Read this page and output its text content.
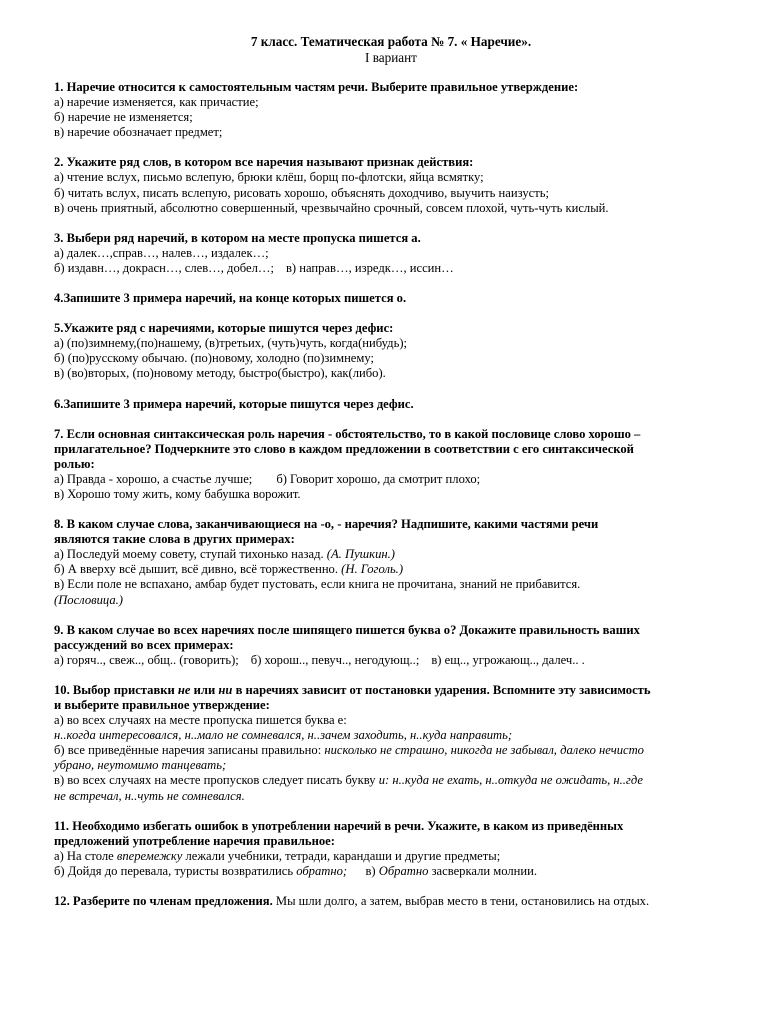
7 класс. Тематическая работа № 7. « Наречие».
I вариант
1. Наречие относится к самостоятельным частям речи. Выберите правильное утверждение:
а) наречие изменяется, как причастие;
б) наречие не изменяется;
в) наречие обозначает предмет;
2. Укажите ряд слов, в котором все наречия называют признак действия:
а) чтение вслух, письмо вслепую, брюки клёш, борщ по-флотски, яйца всмятку;
б) читать вслух, писать вслепую, рисовать хорошо, объяснять доходчиво, выучить наизусть;
в) очень приятный, абсолютно совершенный, чрезвычайно срочный, совсем плохой, чуть-чуть кислый.
3. Выбери ряд наречий, в котором на месте пропуска пишется а.
а) далек…,справ…, налев…, издалек…;
б) издавн…, докрасн…, слев…, добел…; в) направ…, изредк…, иссин…
4.Запишите 3 примера наречий, на конце которых пишется о.
5.Укажите ряд с наречиями, которые пишутся через дефис:
а) (по)зимнему,(по)нашему, (в)третьих, (чуть)чуть, когда(нибудь);
б) (по)русскому обычаю. (по)новому, холодно (по)зимнему;
в) (во)вторых, (по)новому методу, быстро(быстро), как(либо).
6.Запишите 3 примера наречий, которые пишутся через дефис.
7. Если основная синтаксическая роль наречия - обстоятельство, то в какой пословице слово хорошо –
прилагательное? Подчеркните это слово в каждом предложении в соответствии с его синтаксической
ролью:
а) Правда - хорошо, а счастье лучше; б) Говорит хорошо, да смотрит плохо;
в) Хорошо тому жить, кому бабушка ворожит.
8. В каком случае слова, заканчивающиеся на -о, - наречия? Надпишите, какими частями речи
являются такие слова в других примерах:
а) Последуй моему совету, ступай тихонько назад. (А. Пушкин.)
б) А вверху всё дышит, всё дивно, всё торжественно. (Н. Гоголь.)
в) Если поле не вспахано, амбар будет пустовать, если книга не прочитана, знаний не прибавится.
(Пословица.)
9. В каком случае во всех наречиях после шипящего пишется буква о? Докажите правильность ваших
рассуждений во всех примерах:
а) горяч.., свеж.., общ.. (говорить); б) хорош.., певуч.., негодующ..; в) ещ.., угрожающ.., далеч.. .
10. Выбор приставки не или ни в наречиях зависит от постановки ударения. Вспомните эту зависимость
и выберите правильное утверждение:
а) во всех случаях на месте пропуска пишется буква е:
н..когда интересовался, н..мало не сомневался, н..зачем заходить, н..куда направить;
б) все приведённые наречия записаны правильно: нисколько не страшно, никогда не забывал, далеко нечисто
убрано, неутомимо танцевать;
в) во всех случаях на месте пропусков следует писать букву и: н..куда не ехать, н..откуда не ожидать, н..где
не встречал, н..чуть не сомневался.
11. Необходимо избегать ошибок в употреблении наречий в речи. Укажите, в каком из приведённых
предложений употребление наречия правильное:
а) На столе вперемежку лежали учебники, тетради, карандаши и другие предметы;
б) Дойдя до перевала, туристы возвратились обратно; в) Обратно засверкали молнии.
12. Разберите по членам предложения. Мы шли долго, а затем, выбрав место в тени, остановились на отдых.
